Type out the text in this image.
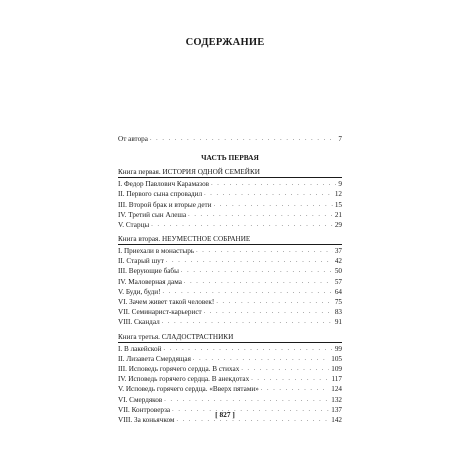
СОДЕРЖАНИЕ
От автора . . .	7
ЧАСТЬ ПЕРВАЯ
Книга первая. ИСТОРИЯ ОДНОЙ СЕМЕЙКИ
I. Федор Павлович Карамазов . . .	9
II. Первого сына спровадил . . .	12
III. Второй брак и вторые дети . . .	15
IV. Третий сын Алеша . . .	21
V. Старцы . . .	29
Книга вторая. НЕУМЕСТНОЕ СОБРАНИЕ
I. Приехали в монастырь . . .	37
II. Старый шут . . .	42
III. Верующие бабы . . .	50
IV. Маловерная дама . . .	57
V. Буди, буди! . . .	64
VI. Зачем живет такой человек! . . .	75
VII. Семинарист-карьерист . . .	83
VIII. Скандал . . .	91
Книга третья. СЛАДОСТРАСТНИКИ
I. В лакейской . . .	99
II. Лизавета Смердящая . . .	105
III. Исповедь горячего сердца. В стихах . . .	109
IV. Исповедь горячего сердца. В анекдотах . . .	117
V. Исповедь горячего сердца. «Вверх пятами» . . .	124
VI. Смердяков . . .	132
VII. Контроверза . . .	137
VIII. За коньячком . . .	142
[ 827 ]
